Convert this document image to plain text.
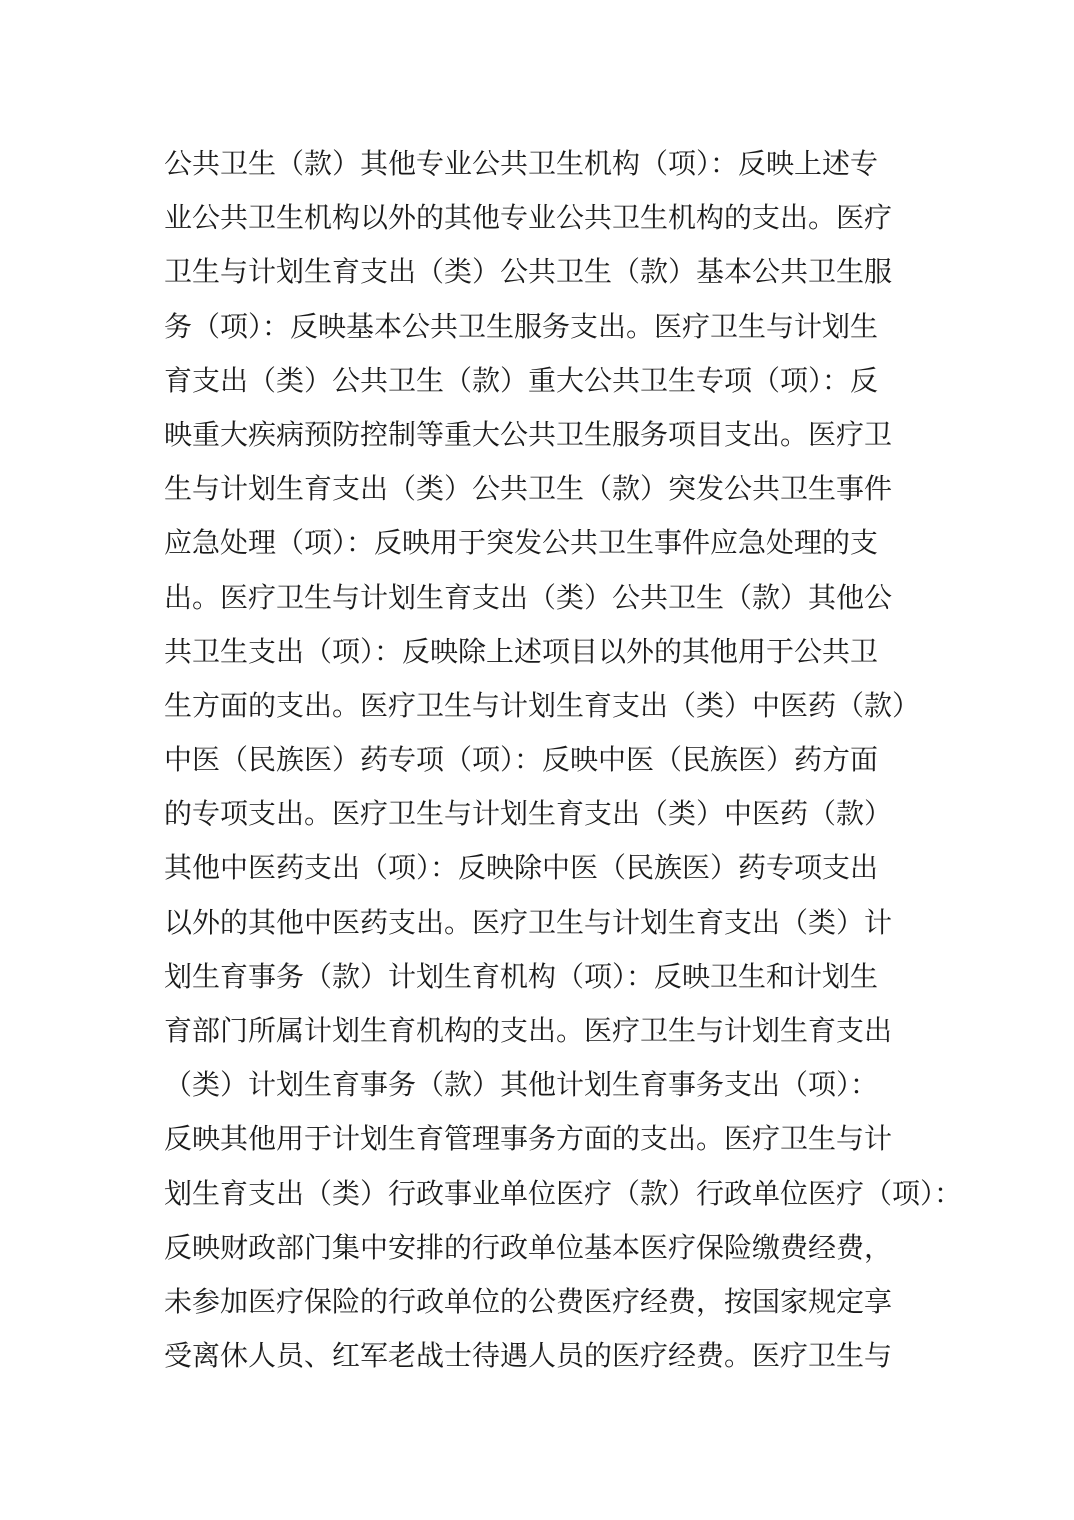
公共卫生（款）其他专业公共卫生机构（项）：反映上述专
业公共卫生机构以外的其他专业公共卫生机构的支出。医疗
卫生与计划生育支出（类）公共卫生（款）基本公共卫生服
务（项）：反映基本公共卫生服务支出。医疗卫生与计划生
育支出（类）公共卫生（款）重大公共卫生专项（项）：反
映重大疾病预防控制等重大公共卫生服务项目支出。医疗卫
生与计划生育支出（类）公共卫生（款）突发公共卫生事件
应急处理（项）：反映用于突发公共卫生事件应急处理的支
出。医疗卫生与计划生育支出（类）公共卫生（款）其他公
共卫生支出（项）：反映除上述项目以外的其他用于公共卫
生方面的支出。医疗卫生与计划生育支出（类）中医药（款）
中医（民族医）药专项（项）：反映中医（民族医）药方面
的专项支出。医疗卫生与计划生育支出（类）中医药（款）
其他中医药支出（项）：反映除中医（民族医）药专项支出
以外的其他中医药支出。医疗卫生与计划生育支出（类）计
划生育事务（款）计划生育机构（项）：反映卫生和计划生
育部门所属计划生育机构的支出。医疗卫生与计划生育支出
（类）计划生育事务（款）其他计划生育事务支出（项）：
反映其他用于计划生育管理事务方面的支出。医疗卫生与计
划生育支出（类）行政事业单位医疗（款）行政单位医疗（项）：
反映财政部门集中安排的行政单位基本医疗保险缴费经费，
未参加医疗保险的行政单位的公费医疗经费，按国家规定享
受离休人员、红军老战士待遇人员的医疗经费。医疗卫生与
